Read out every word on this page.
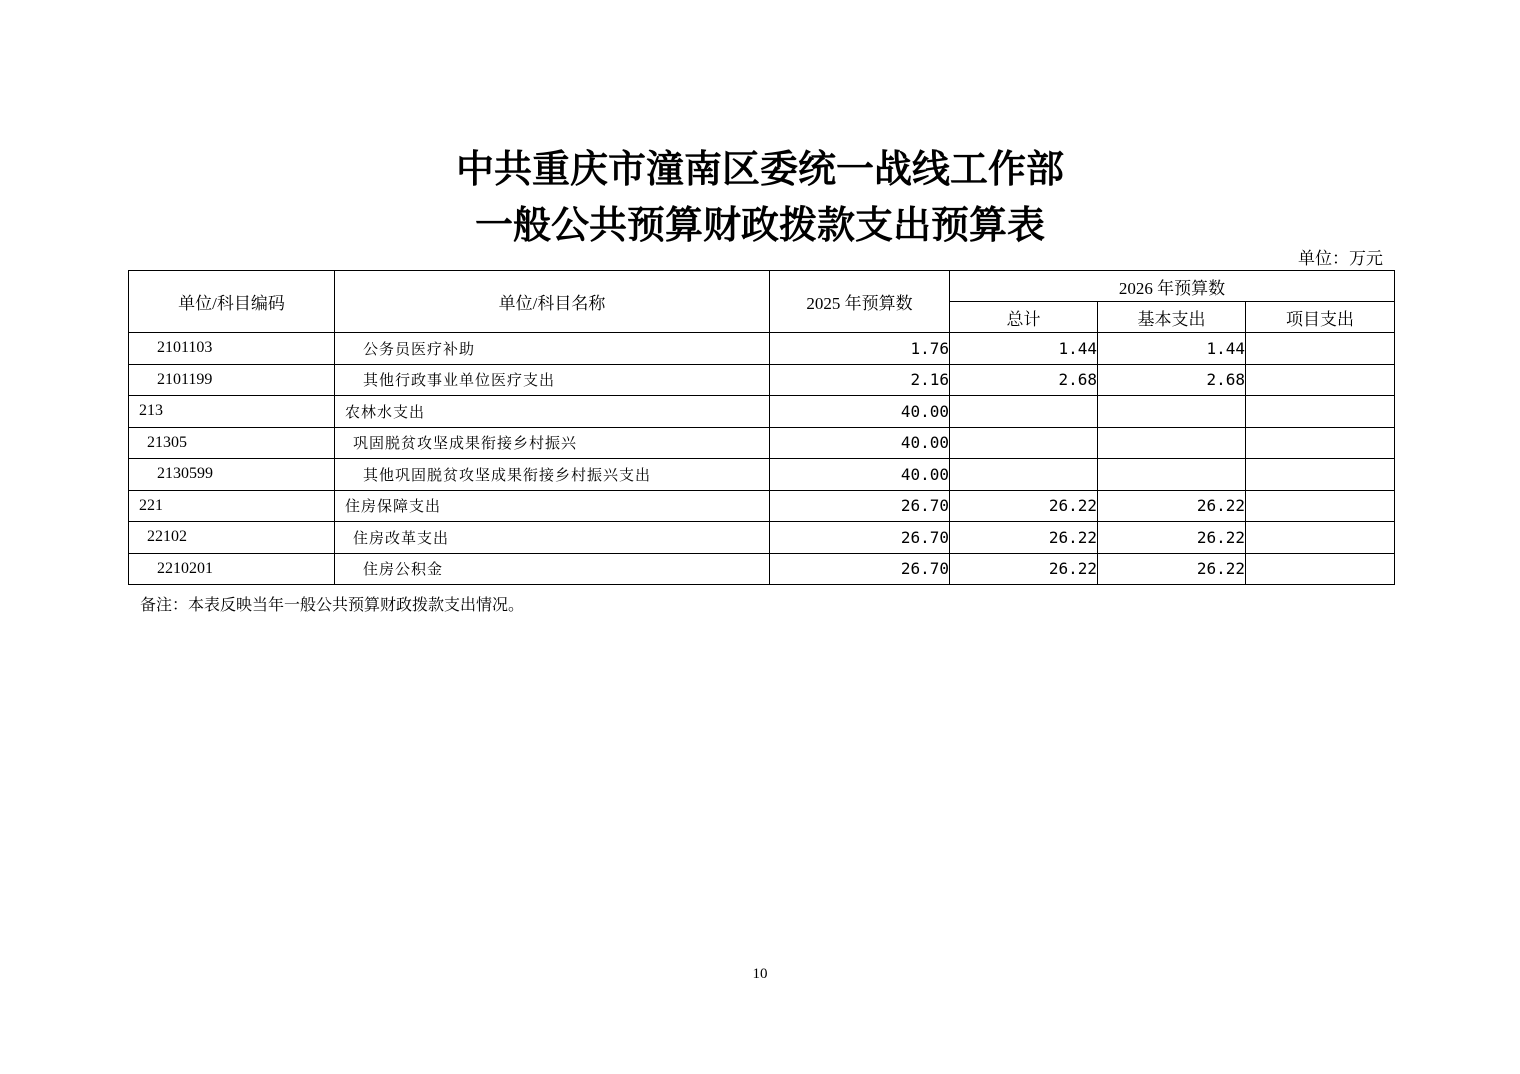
中共重庆市潼南区委统一战线工作部
一般公共预算财政拨款支出预算表
单位：万元
单位/科目编码	单位/科目名称	2025 年预算数	2026 年预算数		
			总计	基本支出	项目支出
2101103	公务员医疗补助	1.76	1.44	1.44	
2101199	其他行政事业单位医疗支出	2.16	2.68	2.68	
213	农林水支出	40.00			
21305	巩固脱贫攻坚成果衔接乡村振兴	40.00			
2130599	其他巩固脱贫攻坚成果衔接乡村振兴支出	40.00			
221	住房保障支出	26.70	26.22	26.22	
22102	住房改革支出	26.70	26.22	26.22	
2210201	住房公积金	26.70	26.22	26.22	
备注：本表反映当年一般公共预算财政拨款支出情况。
10
